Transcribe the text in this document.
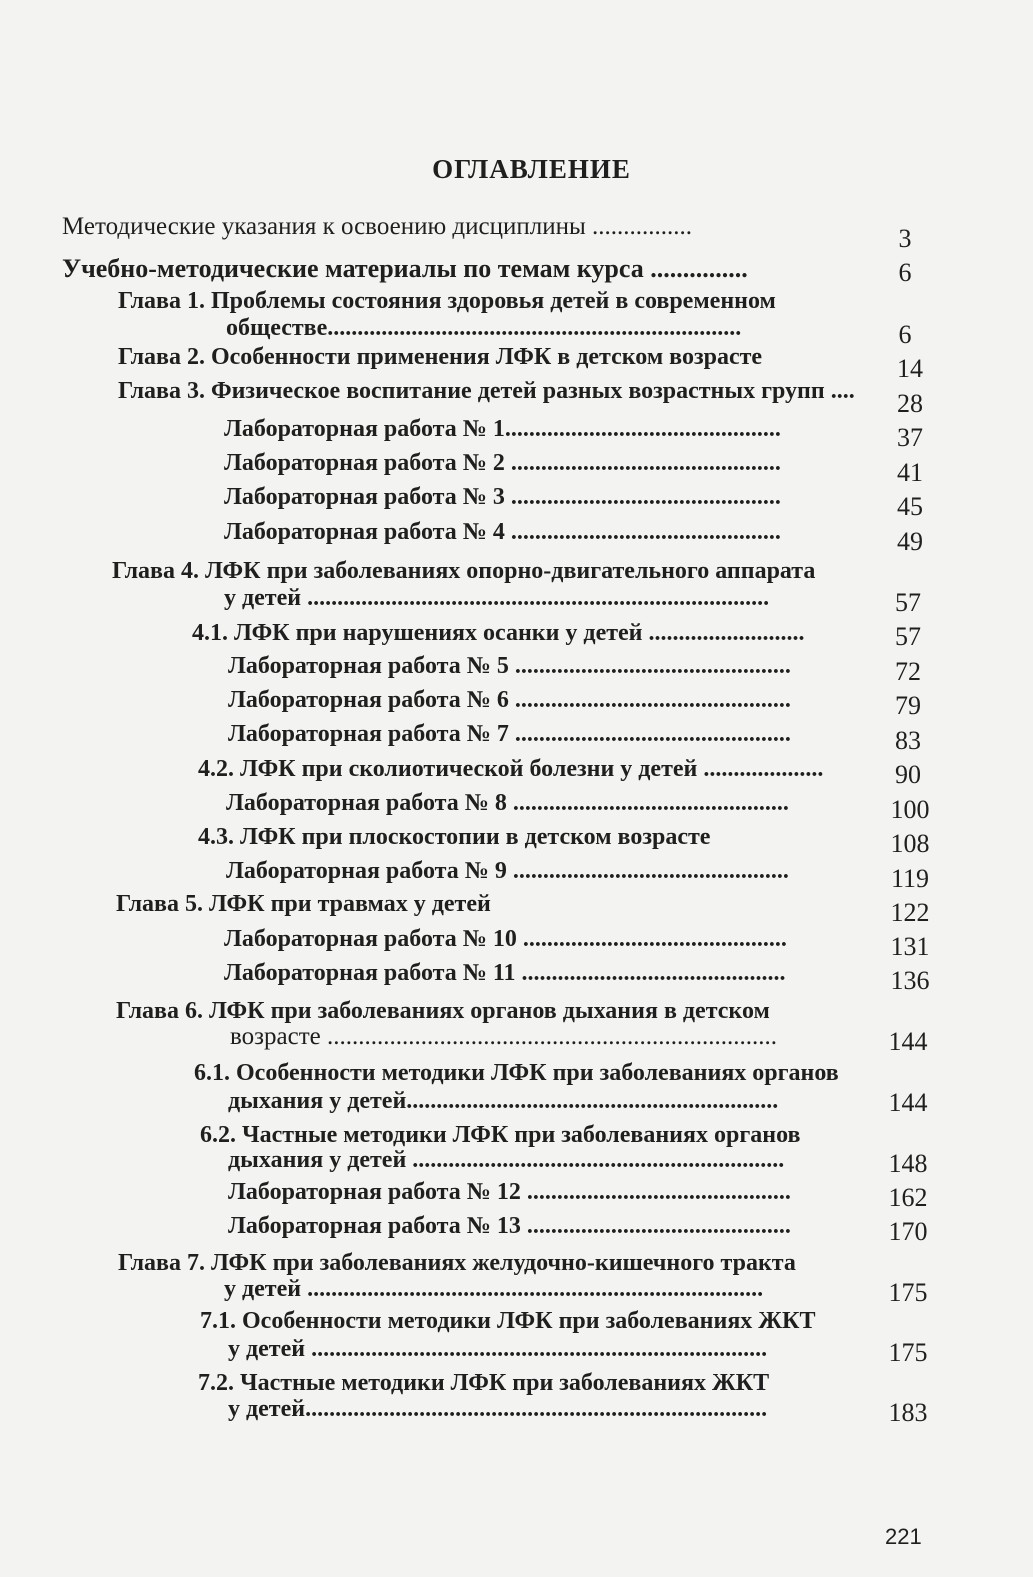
ОГЛАВЛЕНИЕ
Методические указания к освоению дисциплины ................	3
Учебно-методические материалы по темам курса ...............	6
Глава 1. Проблемы состояния здоровья детей в современном
обществе.....................................................................	6
Глава 2. Особенности применения ЛФК в детском возрасте	14
Глава 3. Физическое воспитание детей разных возрастных групп ....	28
Лабораторная работа № 1..............................................	37
Лабораторная работа № 2 .............................................	41
Лабораторная работа № 3 .............................................	45
Лабораторная работа № 4 .............................................	49
Глава 4. ЛФК при заболеваниях опорно-двигательного аппарата
у детей .............................................................................	57
4.1. ЛФК при нарушениях осанки у детей ..........................	57
Лабораторная работа № 5 ..............................................	72
Лабораторная работа № 6 ..............................................	79
Лабораторная работа № 7 ..............................................	83
4.2. ЛФК при сколиотической болезни у детей ....................	90
Лабораторная работа № 8 ..............................................	100
4.3. ЛФК при плоскостопии в детском возрасте	108
Лабораторная работа № 9 ..............................................	119
Глава 5. ЛФК при травмах у детей	122
Лабораторная работа № 10 ............................................	131
Лабораторная работа № 11 ............................................	136
Глава 6. ЛФК при заболеваниях органов дыхания в детском
возрасте ........................................................................	144
6.1. Особенности методики ЛФК при заболеваниях органов
дыхания у детей..............................................................	144
6.2. Частные методики ЛФК при заболеваниях органов
дыхания у детей ..............................................................	148
Лабораторная работа № 12 ............................................	162
Лабораторная работа № 13 ............................................	170
Глава 7. ЛФК при заболеваниях желудочно-кишечного тракта
у детей ............................................................................	175
7.1. Особенности методики ЛФК при заболеваниях ЖКТ
у детей ............................................................................	175
7.2. Частные методики ЛФК при заболеваниях ЖКТ
у детей.............................................................................	183
221
